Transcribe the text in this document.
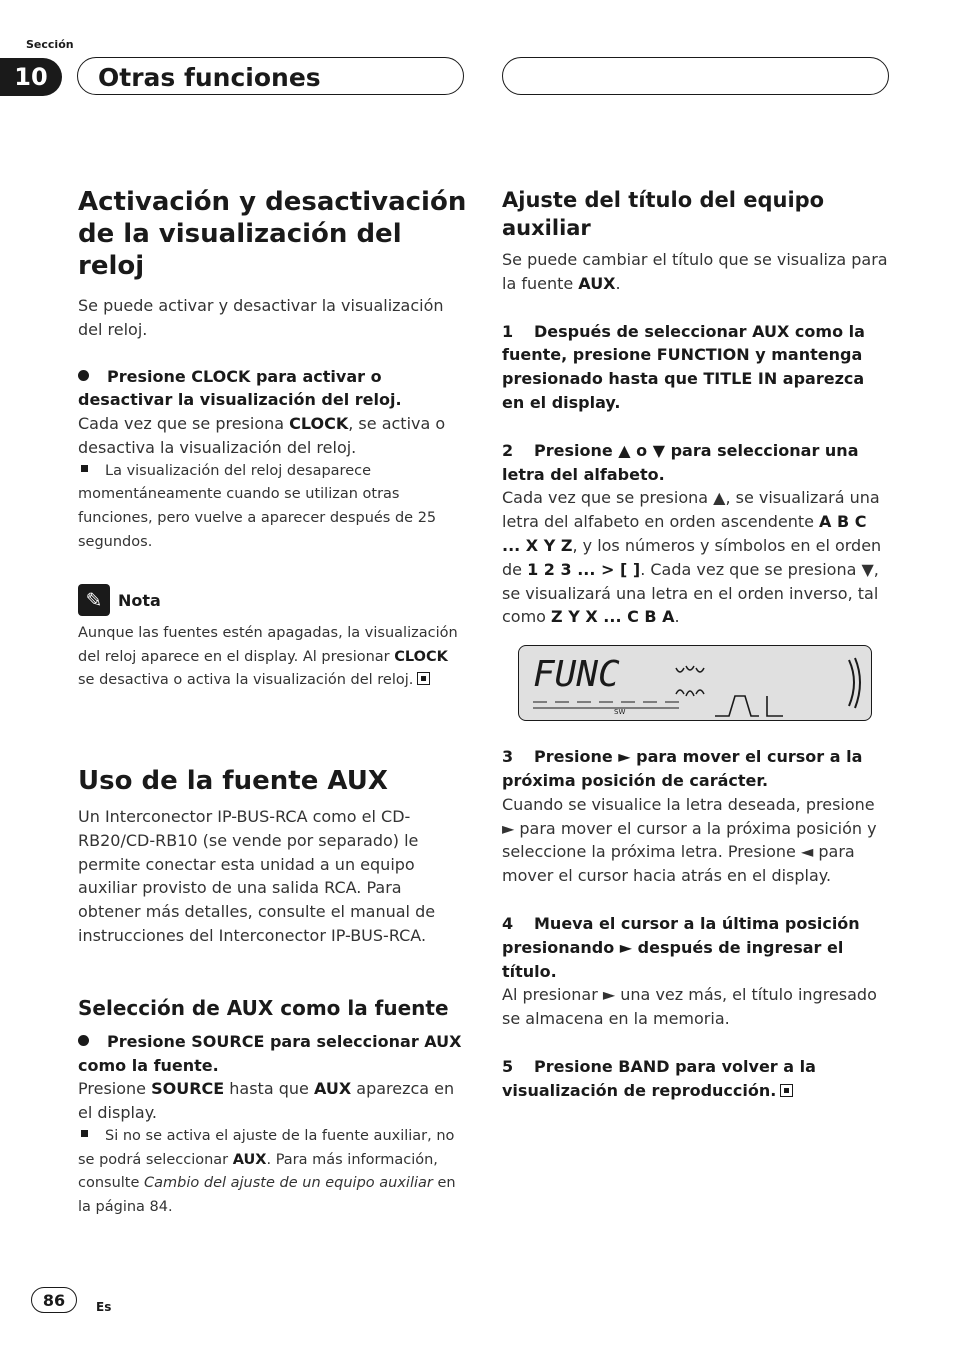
Sección
10	Otras funciones
Activación y desactivación de la visualización del reloj

Se puede activar y desactivar la visualización del reloj.

Presione CLOCK para activar o desactivar la visualización del reloj.

Cada vez que se presiona CLOCK, se activa o desactiva la visualización del reloj.

La visualización del reloj desaparece momentáneamente cuando se utilizan otras funciones, pero vuelve a aparecer después de 25 segundos.

✎ Nota

Aunque las fuentes estén apagadas, la visualización del reloj aparece en el display. Al presionar CLOCK se desactiva o activa la visualización del reloj.

Uso de la fuente AUX

Un Interconector IP-BUS-RCA como el CD-RB20/CD-RB10 (se vende por separado) le permite conectar esta unidad a un equipo auxiliar provisto de una salida RCA. Para obtener más detalles, consulte el manual de instrucciones del Interconector IP-BUS-RCA.

Selección de AUX como la fuente

Presione SOURCE para seleccionar AUX como la fuente.

Presione SOURCE hasta que AUX aparezca en el display.

Si no se activa el ajuste de la fuente auxiliar, no se podrá seleccionar AUX. Para más información, consulte Cambio del ajuste de un equipo auxiliar en la página 84.

Ajuste del título del equipo auxiliar

Se puede cambiar el título que se visualiza para la fuente AUX.

1 Después de seleccionar AUX como la fuente, presione FUNCTION y mantenga presionado hasta que TITLE IN aparezca en el display.

2 Presione ▲ o ▼ para seleccionar una letra del alfabeto.

Cada vez que se presiona ▲, se visualizará una letra del alfabeto en orden ascendente A B C ... X Y Z, y los números y símbolos en el orden de 1 2 3 ... > [ ]. Cada vez que se presiona ▼, se visualizará una letra en el orden inverso, tal como Z Y X ... C B A.

FUNC
SW

3 Presione ► para mover el cursor a la próxima posición de carácter.

Cuando se visualice la letra deseada, presione ► para mover el cursor a la próxima posición y seleccione la próxima letra. Presione ◄ para mover el cursor hacia atrás en el display.

4 Mueva el cursor a la última posición presionando ► después de ingresar el título.

Al presionar ► una vez más, el título ingresado se almacena en la memoria.

5 Presione BAND para volver a la visualización de reproducción.

86	Es
